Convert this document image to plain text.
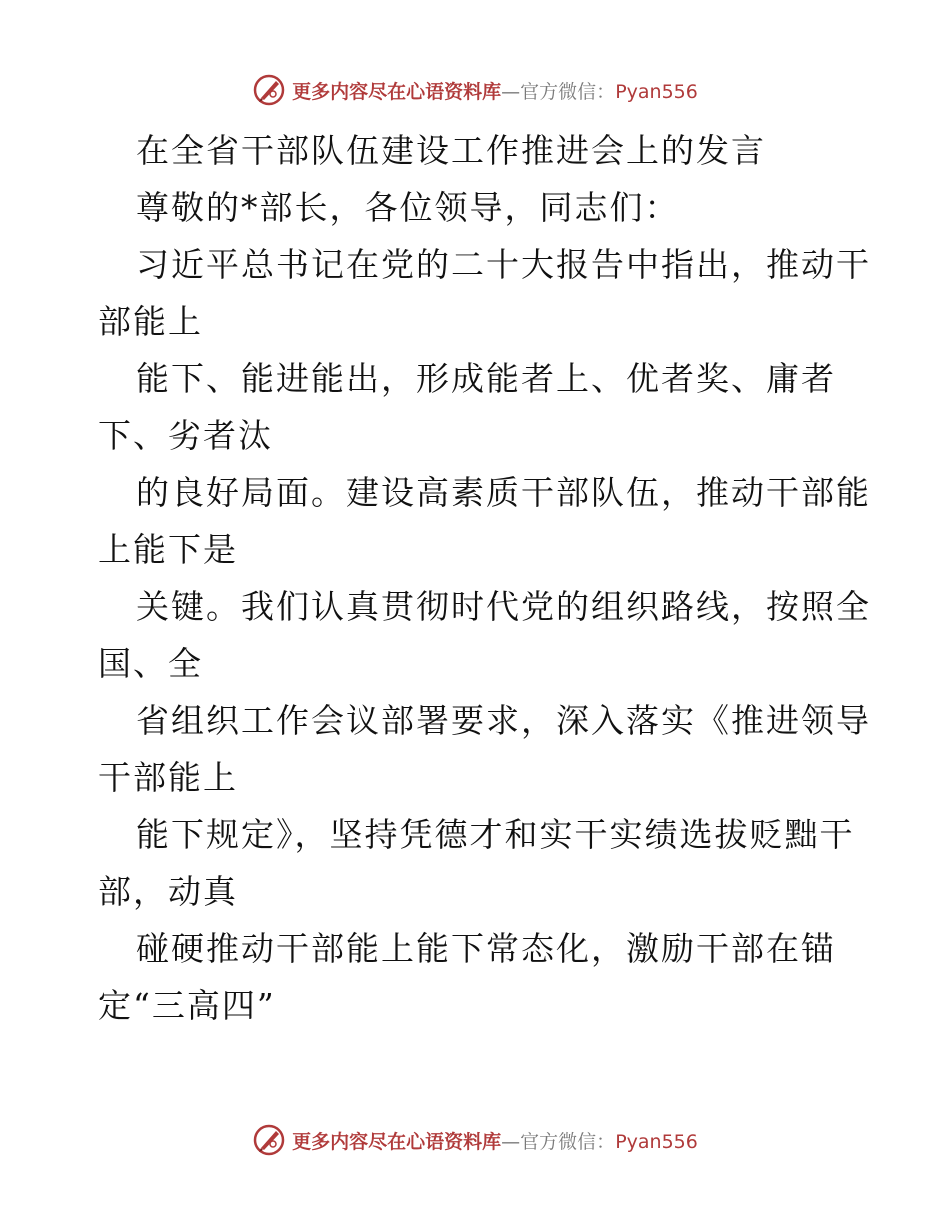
更多内容尽在心语资料库—官方微信：Pyan556
在全省干部队伍建设工作推进会上的发言
尊敬的*部长，各位领导，同志们：
习近平总书记在党的二十大报告中指出，推动干
部能上
能下、能进能出，形成能者上、优者奖、庸者
下、劣者汰
的良好局面。建设高素质干部队伍，推动干部能
上能下是
关键。我们认真贯彻时代党的组织路线，按照全
国、全
省组织工作会议部署要求，深入落实《推进领导
干部能上
能下规定》，坚持凭德才和实干实绩选拔贬黜干
部，动真
碰硬推动干部能上能下常态化，激励干部在锚
定“三高四”
更多内容尽在心语资料库—官方微信：Pyan556
